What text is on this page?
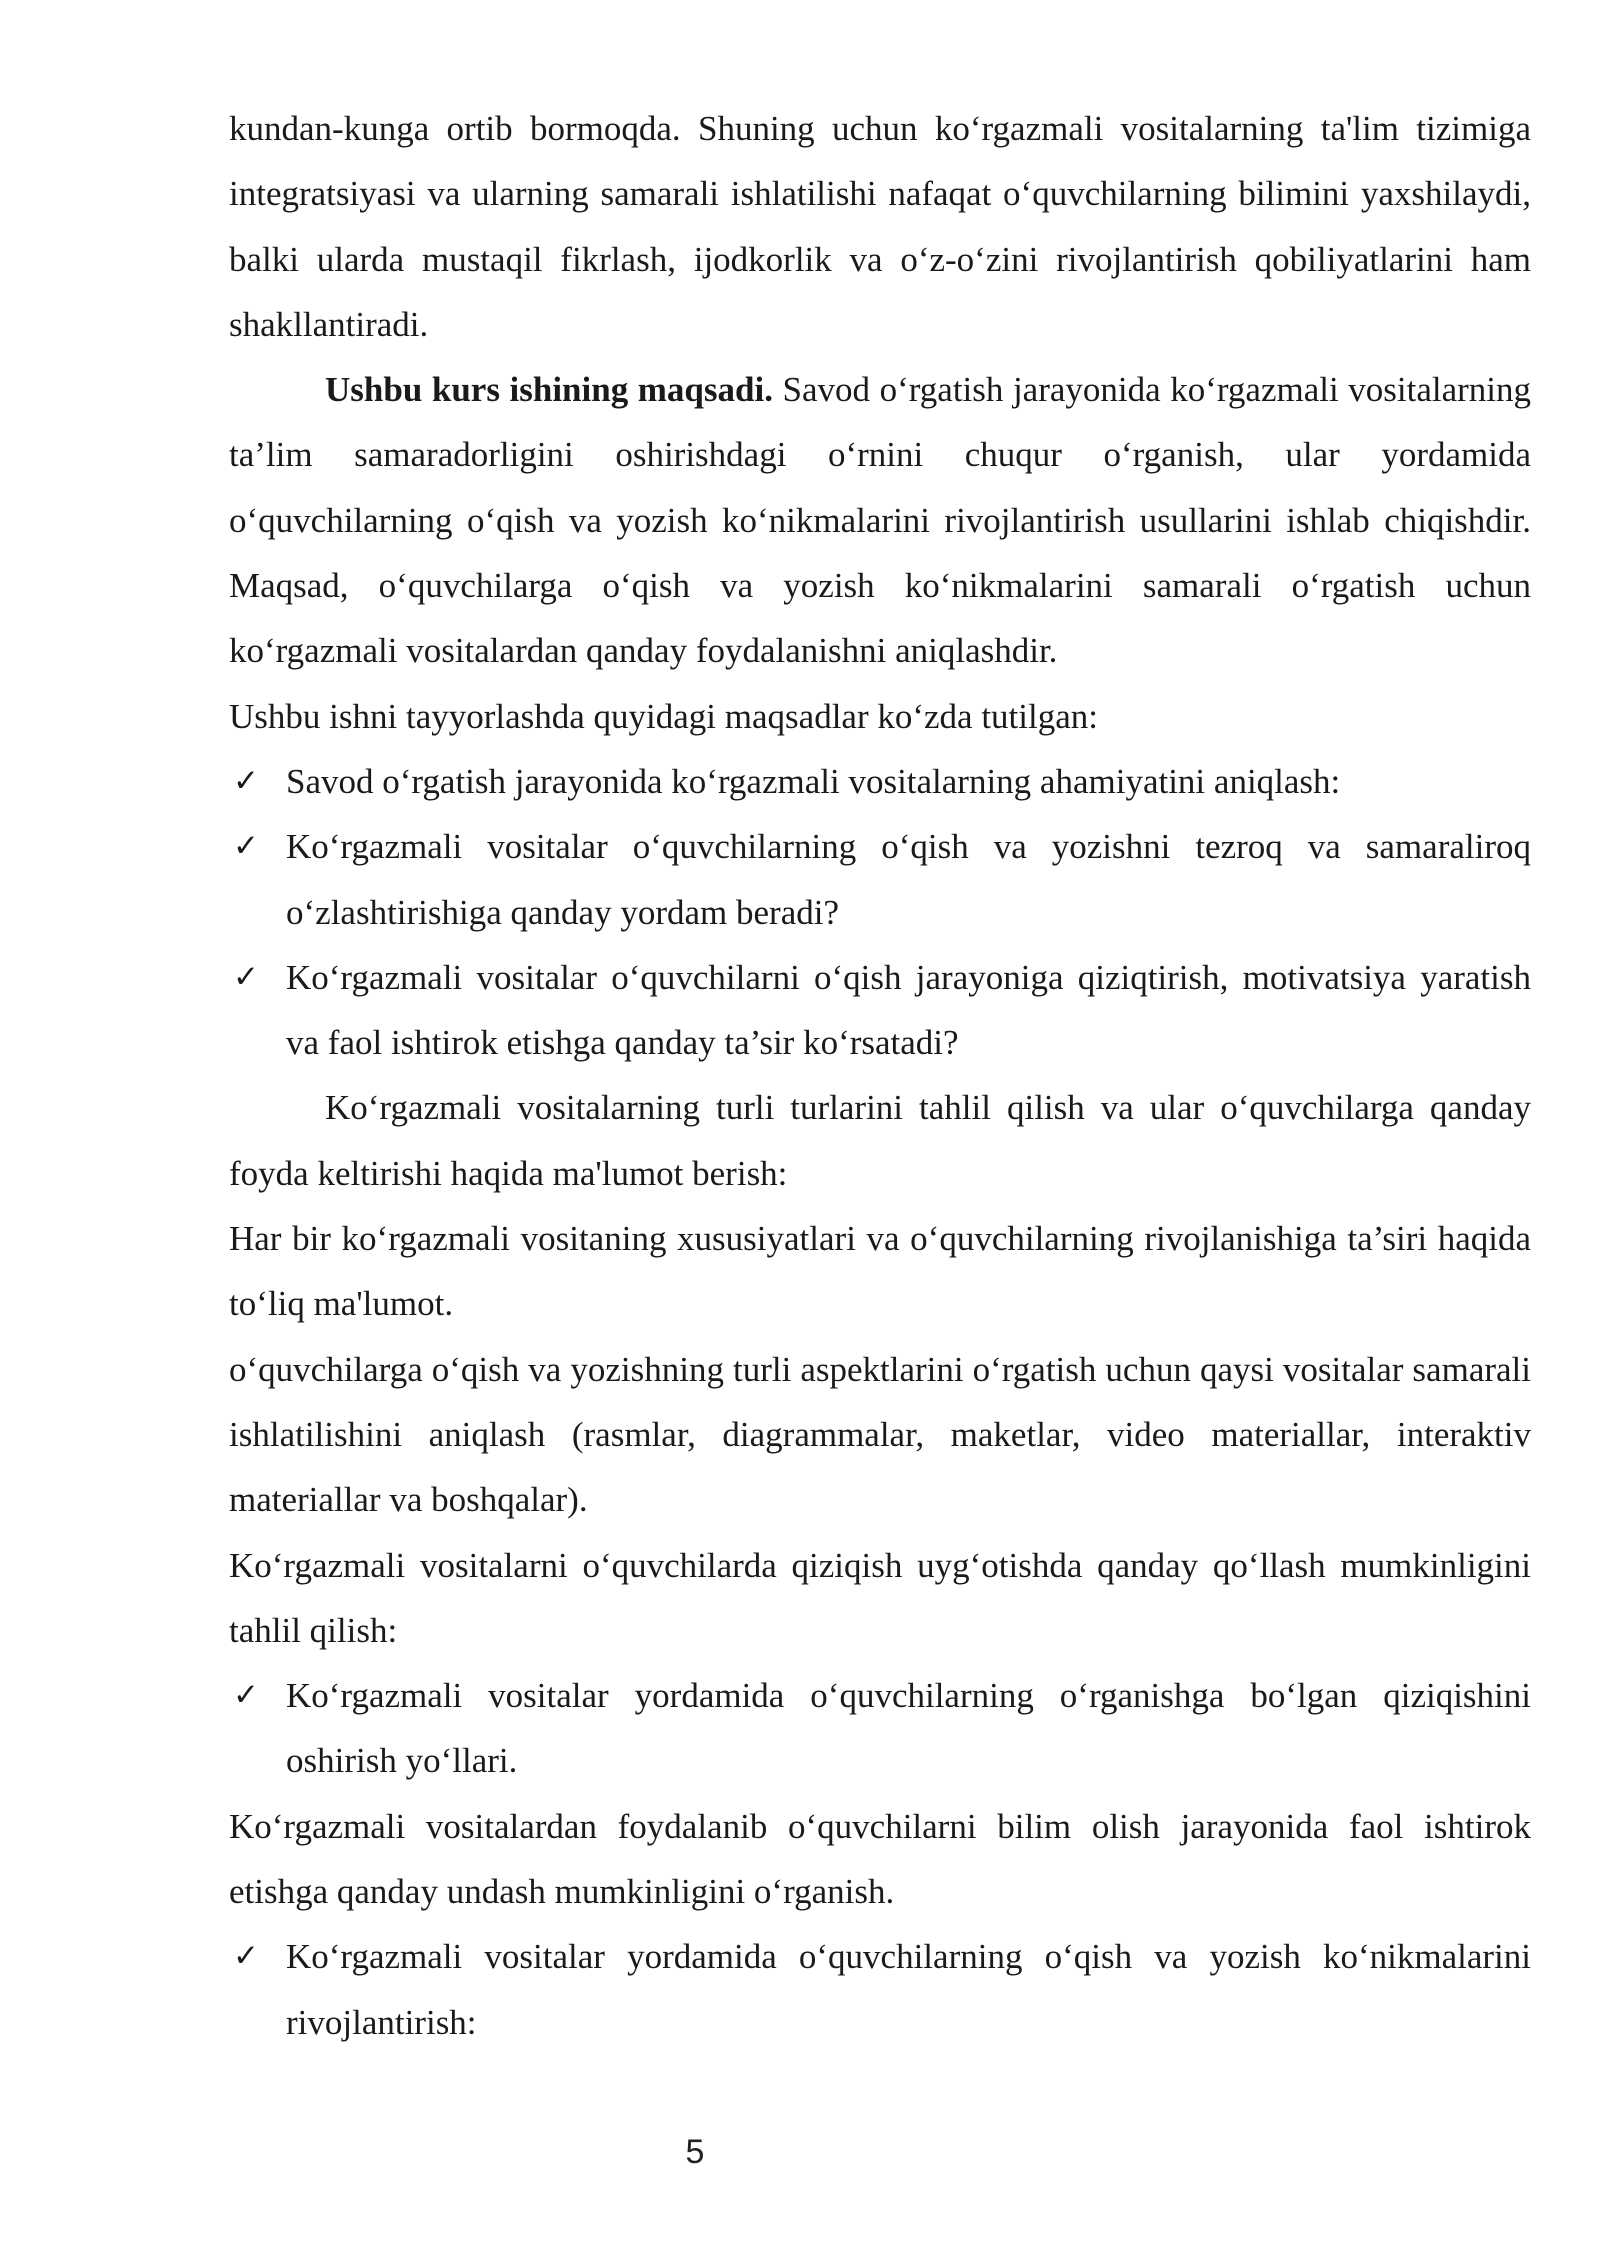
kundan-kunga ortib bormoqda. Shuning uchun ko‘rgazmali vositalarning ta'lim tizimiga integratsiyasi va ularning samarali ishlatilishi nafaqat o‘quvchilarning bilimini yaxshilaydi, balki ularda mustaqil fikrlash, ijodkorlik va o‘z-o‘zini rivojlantirish qobiliyatlarini ham shakllantiradi.

Ushbu kurs ishining maqsadi. Savod o‘rgatish jarayonida ko‘rgazmali vositalarning ta’lim samaradorligini oshirishdagi o‘rnini chuqur o‘rganish, ular yordamida o‘quvchilarning o‘qish va yozish ko‘nikmalarini rivojlantirish usullarini ishlab chiqishdir. Maqsad, o‘quvchilarga o‘qish va yozish ko‘nikmalarini samarali o‘rgatish uchun ko‘rgazmali vositalardan qanday foydalanishni aniqlashdir.

Ushbu ishni tayyorlashda quyidagi maqsadlar ko‘zda tutilgan:

✓ Savod o‘rgatish jarayonida ko‘rgazmali vositalarning ahamiyatini aniqlash:
✓ Ko‘rgazmali vositalar o‘quvchilarning o‘qish va yozishni tezroq va samaraliroq o‘zlashtirishiga qanday yordam beradi?
✓ Ko‘rgazmali vositalar o‘quvchilarni o‘qish jarayoniga qiziqtirish, motivatsiya yaratish va faol ishtirok etishga qanday ta’sir ko‘rsatadi?

Ko‘rgazmali vositalarning turli turlarini tahlil qilish va ular o‘quvchilarga qanday foyda keltirishi haqida ma'lumot berish:

Har bir ko‘rgazmali vositaning xususiyatlari va o‘quvchilarning rivojlanishiga ta’siri haqida to‘liq ma'lumot.

o‘quvchilarga o‘qish va yozishning turli aspektlarini o‘rgatish uchun qaysi vositalar samarali ishlatilishini aniqlash (rasmlar, diagrammalar, maketlar, video materiallar, interaktiv materiallar va boshqalar).

Ko‘rgazmali vositalarni o‘quvchilarda qiziqish uyg‘otishda qanday qo‘llash mumkinligini tahlil qilish:

✓ Ko‘rgazmali vositalar yordamida o‘quvchilarning o‘rganishga bo‘lgan qiziqishini oshirish yo‘llari.

Ko‘rgazmali vositalardan foydalanib o‘quvchilarni bilim olish jarayonida faol ishtirok etishga qanday undash mumkinligini o‘rganish.

✓ Ko‘rgazmali vositalar yordamida o‘quvchilarning o‘qish va yozish ko‘nikmalarini rivojlantirish:
5
